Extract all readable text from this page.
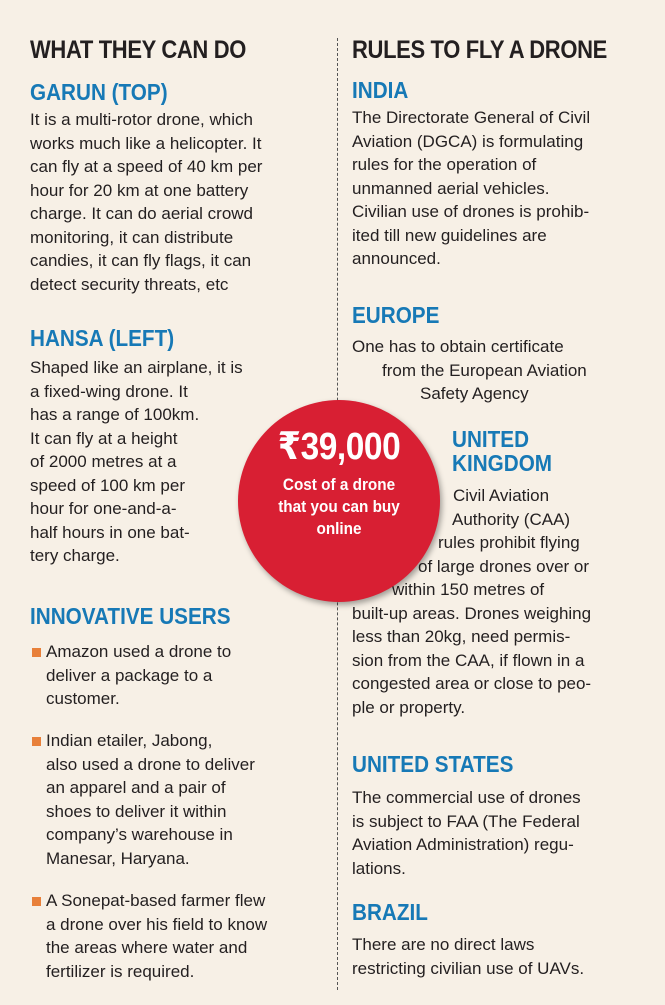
WHAT THEY CAN DO
GARUN (TOP)
It is a multi-rotor drone, which
works much like a helicopter. It
can fly at a speed of 40 km per
hour for 20 km at one battery
charge. It can do aerial crowd
monitoring, it can distribute
candies, it can fly flags, it can
detect security threats, etc
HANSA (LEFT)
Shaped like an airplane, it is
a fixed-wing drone. It
has a range of 100km.
It can fly at a height
of 2000 metres at a
speed of 100 km per
hour for one-and-a-
half hours in one bat-
tery charge.
INNOVATIVE USERS
Amazon used a drone to
deliver a package to a
customer.
Indian etailer, Jabong,
also used a drone to deliver
an apparel and a pair of
shoes to deliver it within
company’s warehouse in
Manesar, Haryana.
A Sonepat-based farmer flew
a drone over his field to know
the areas where water and
fertilizer is required.
RULES TO FLY A DRONE
INDIA
The Directorate General of Civil
Aviation (DGCA) is formulating
rules for the operation of
unmanned aerial vehicles.
Civilian use of drones is prohib-
ited till new guidelines are
announced.
EUROPE
One has to obtain certificate
from the European Aviation
Safety Agency
UNITED
KINGDOM
Civil Aviation
Authority (CAA)
rules prohibit flying
of large drones over or
within 150 metres of
built-up areas. Drones weighing
less than 20kg, need permis-
sion from the CAA, if flown in a
congested area or close to peo-
ple or property.
UNITED STATES
The commercial use of drones
is subject to FAA (The Federal
Aviation Administration) regu-
lations.
BRAZIL
There are no direct laws
restricting civilian use of UAVs.
₹39,000
Cost of a drone
that you can buy
online
